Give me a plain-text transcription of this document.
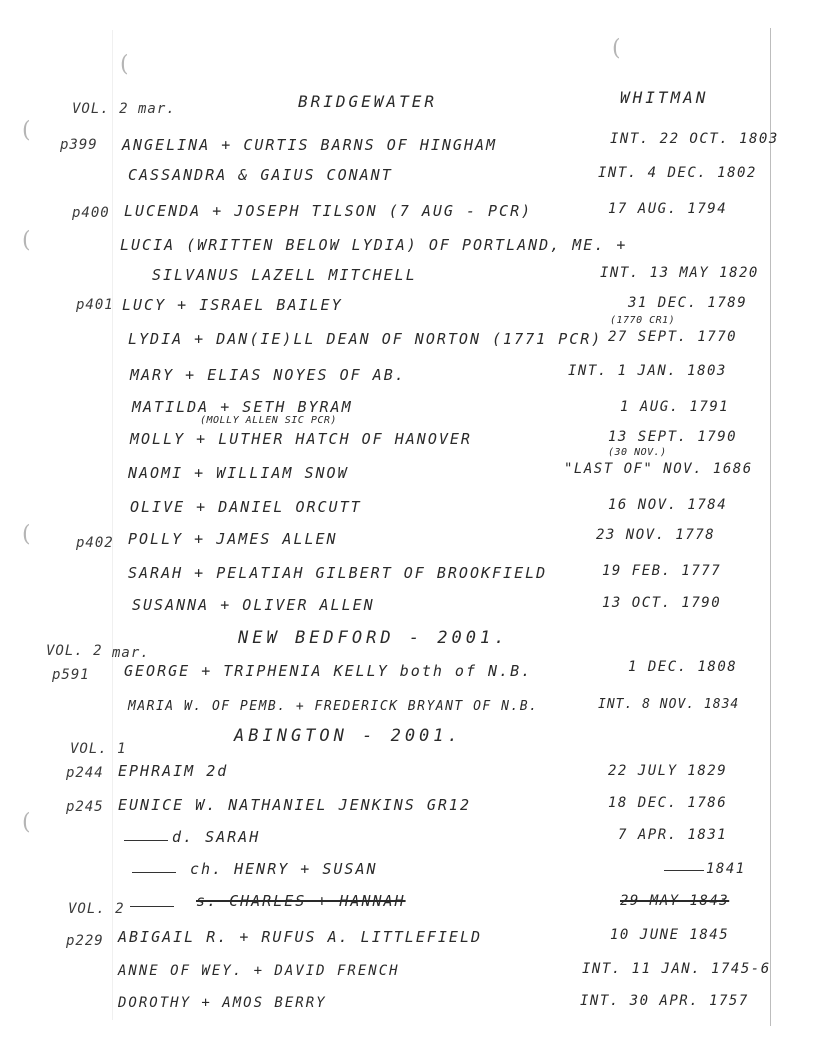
(
(
(
(
(
(
VOL. 2 mar.	BRIDGEWATER	WHITMAN
p399 ANGELINA + CURTIS BARNS OF HINGHAM	INT. 22 OCT. 1803
CASSANDRA & GAIUS CONANT	INT. 4 DEC. 1802
p400 LUCENDA + JOSEPH TILSON (7 AUG - PCR)	17 AUG. 1794
LUCIA (WRITTEN BELOW LYDIA) OF PORTLAND, ME. +
SILVANUS LAZELL MITCHELL	INT. 13 MAY 1820
p401 LUCY + ISRAEL BAILEY	31 DEC. 1789
(1770 CR1)
LYDIA + DAN(IE)LL DEAN OF NORTON (1771 PCR) 27 SEPT. 1770
MARY + ELIAS NOYES OF AB.	INT. 1 JAN. 1803
MATILDA + SETH BYRAM	1 AUG. 1791
(MOLLY ALLEN SIC PCR)
MOLLY + LUTHER HATCH OF HANOVER	13 SEPT. 1790
(30 NOV.)
NAOMI + WILLIAM SNOW	"LAST OF" NOV. 1686
OLIVE + DANIEL ORCUTT	16 NOV. 1784
p402 POLLY + JAMES ALLEN	23 NOV. 1778
SARAH + PELATIAH GILBERT OF BROOKFIELD	19 FEB. 1777
SUSANNA + OLIVER ALLEN	13 OCT. 1790
NEW BEDFORD - 2001.
VOL. 2 mar.
p591 GEORGE + TRIPHENIA KELLY both of N.B.	1 DEC. 1808
MARIA W. OF PEMB. + FREDERICK BRYANT OF N.B.	INT. 8 NOV. 1834
ABINGTON - 2001.
VOL. 1
p244 EPHRAIM 2d	22 JULY 1829
p245 EUNICE W. NATHANIEL JENKINS GR12	18 DEC. 1786
d. SARAH	7 APR. 1831
ch. HENRY + SUSAN	1841
VOL. 2	s. CHARLES + HANNAH	29 MAY 1843
p229 ABIGAIL R. + RUFUS A. LITTLEFIELD	10 JUNE 1845
ANNE OF WEY. + DAVID FRENCH	INT. 11 JAN. 1745-6
DOROTHY + AMOS BERRY	INT. 30 APR. 1757
